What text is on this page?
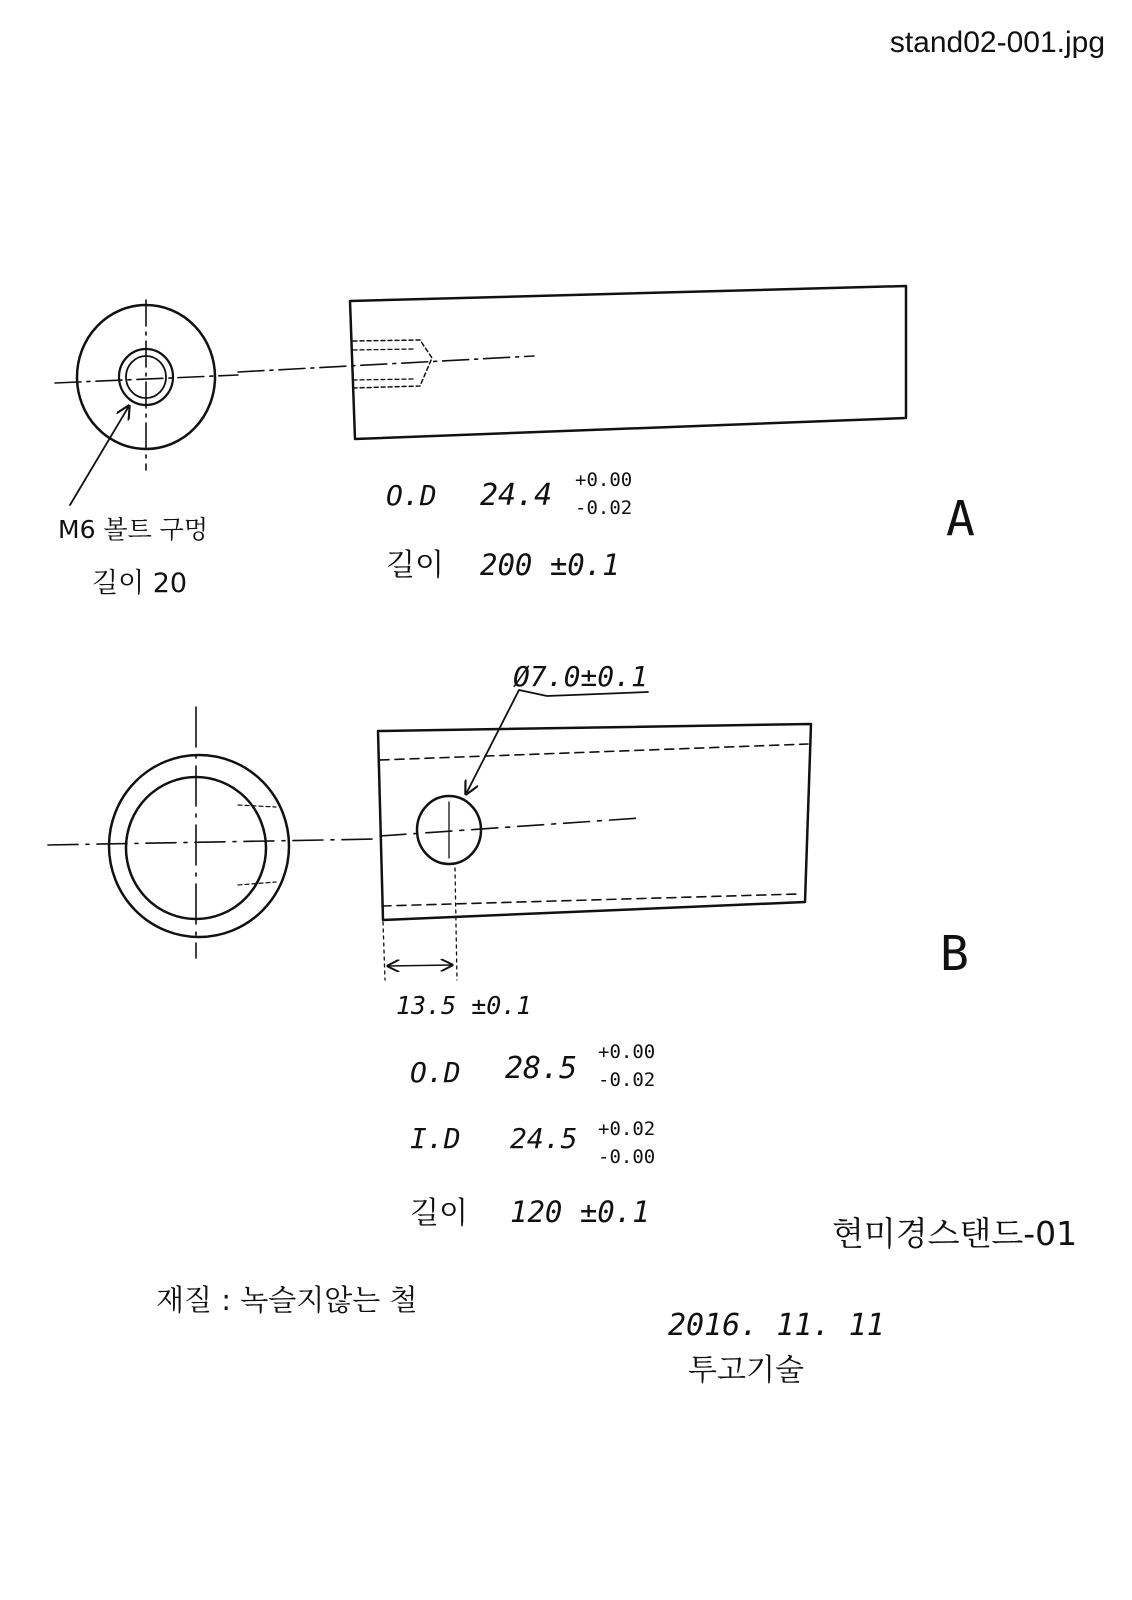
stand02-001.jpg
M6 볼트 구멍
길이 20
O.D 24.4 +0.00
-0.02
길이 200 ±0.1
A
Ø7.0±0.1
13.5 ±0.1
O.D 28.5 +0.00
-0.02
I.D 24.5 +0.02
-0.00
길이 120 ±0.1
B
현미경스탠드-01
재질 : 녹슬지않는 철
2016. 11. 11
투고기술
